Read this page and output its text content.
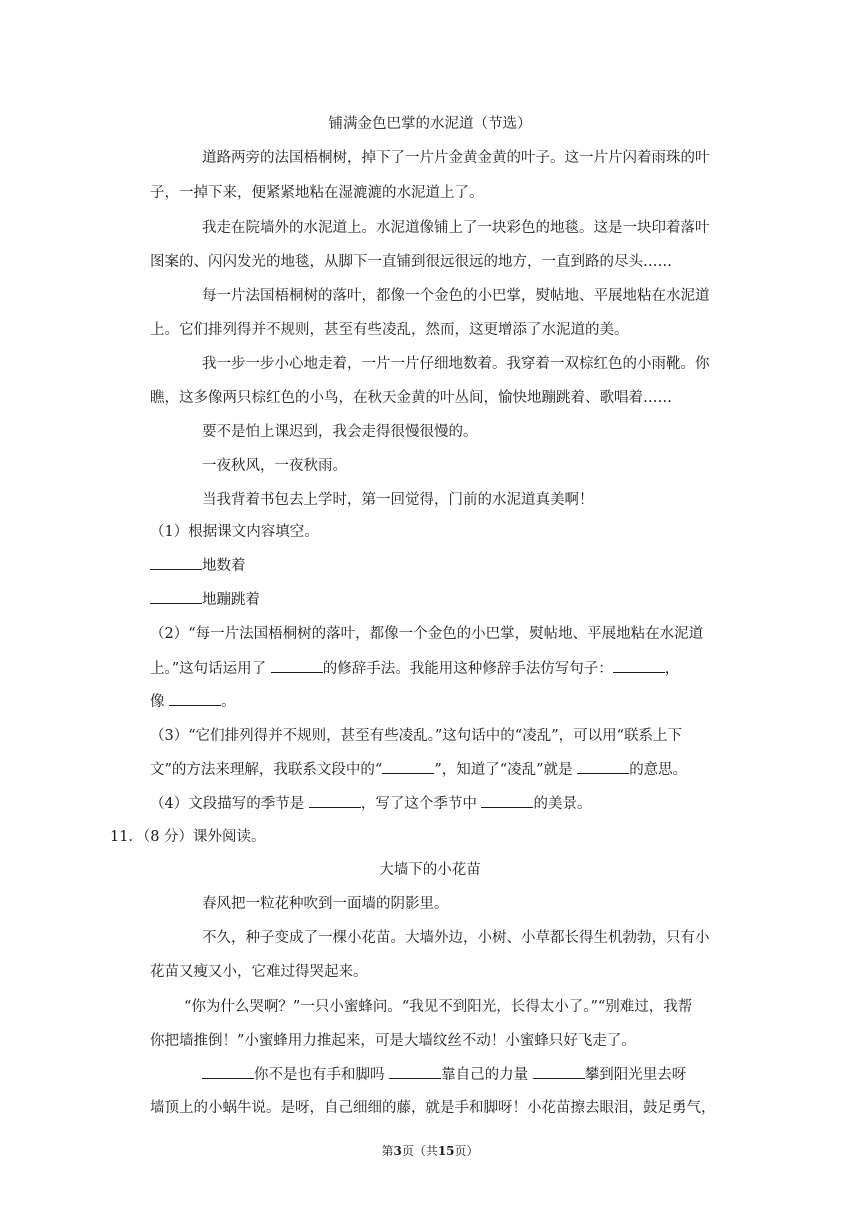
铺满金色巴掌的水泥道（节选）
道路两旁的法国梧桐树，掉下了一片片金黄金黄的叶子。这一片片闪着雨珠的叶
子，一掉下来，便紧紧地粘在湿漉漉的水泥道上了。
我走在院墙外的水泥道上。水泥道像铺上了一块彩色的地毯。这是一块印着落叶
图案的、闪闪发光的地毯，从脚下一直铺到很远很远的地方，一直到路的尽头……
每一片法国梧桐树的落叶，都像一个金色的小巴掌，熨帖地、平展地粘在水泥道
上。它们排列得并不规则，甚至有些凌乱，然而，这更增添了水泥道的美。
我一步一步小心地走着，一片一片仔细地数着。我穿着一双棕红色的小雨靴。你
瞧，这多像两只棕红色的小鸟，在秋天金黄的叶丛间，愉快地蹦跳着、歌唱着……
要不是怕上课迟到，我会走得很慢很慢的。
一夜秋风，一夜秋雨。
当我背着书包去上学时，第一回觉得，门前的水泥道真美啊！
（1）根据课文内容填空。
地数着
地蹦跳着
（2）“每一片法国梧桐树的落叶，都像一个金色的小巴掌，熨帖地、平展地粘在水泥道
上。”这句话运用了	的修辞手法。我能用这种修辞手法仿写句子：	，
像	。
（3）“它们排列得并不规则，甚至有些凌乱。”这句话中的“凌乱”，可以用“联系上下
文”的方法来理解，我联系文段中的“	”，知道了“凌乱”就是	的意思。
（4）文段描写的季节是	，写了这个季节中	的美景。
11．（8 分）课外阅读。
大墙下的小花苗
春风把一粒花种吹到一面墙的阴影里。
不久，种子变成了一棵小花苗。大墙外边，小树、小草都长得生机勃勃，只有小
花苗又瘦又小，它难过得哭起来。
“你为什么哭啊？”一只小蜜蜂问。“我见不到阳光，长得太小了。”“别难过，我帮
你把墙推倒！”小蜜蜂用力推起来，可是大墙纹丝不动！小蜜蜂只好飞走了。
你不是也有手和脚吗	靠自己的力量	攀到阳光里去呀
墙顶上的小蜗牛说。是呀，自己细细的藤，就是手和脚呀！小花苗擦去眼泪，鼓足勇气，
第3页（共15页）
